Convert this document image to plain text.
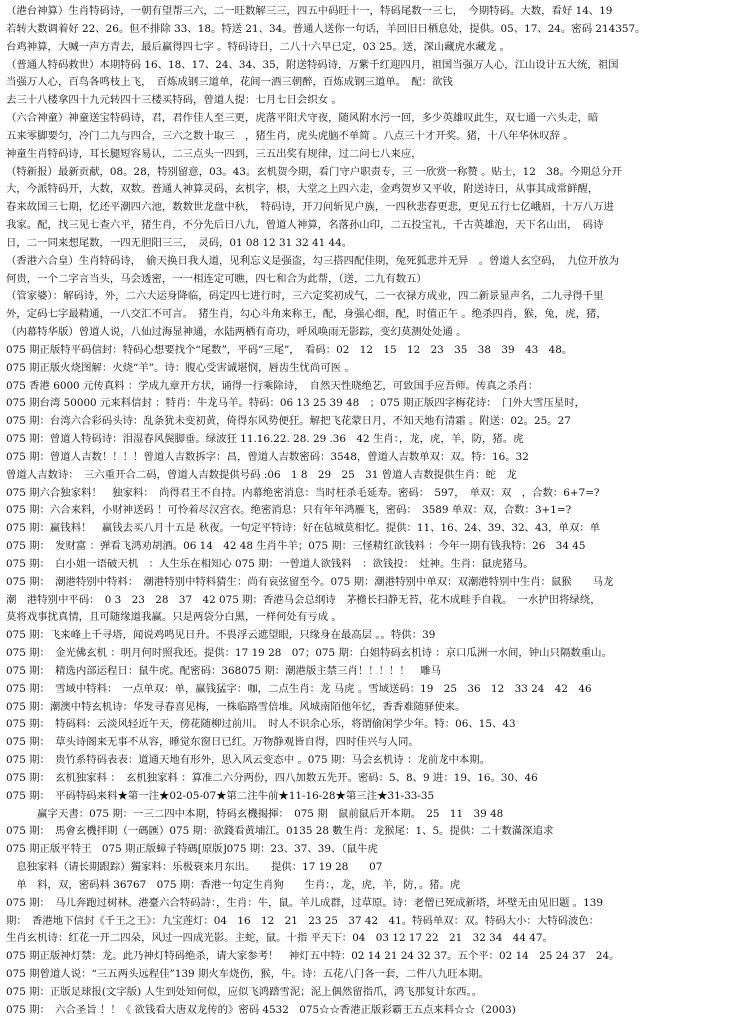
（港台神算）生肖特码诗，一朝有望帮三六，二一旺数解三三，四五中码旺十一，特码尾数一三七，　今期特码。大数，看好 14、19
若转大数调着好 22、26。但不排除 33、18。特送 21、34。普通人送你一句话，羊回旧日栖息处，提供。05、17、24。密码 214357。
台鸡神算，大喊一声方青去，最后赢得四七字 。特码诗日，二八十六早已定，03 25。送，深山藏虎水藏龙 。
（普通人特码救世）本期特码 16、18、17、24、34、35，附送特码诗，万紫千红迎四月，祖国当强万人心，江山设计五大统，祖国
当强万人心，百鸟各鸣枝上飞，　百炼成钢三道单，花间一酒三朝醉，百炼成钢三道单。　配：欲钱
去三十八楼拿四十九元转四十三楼买特码，曾道人提：七月七日会织女 。
（六合神童）神童送宝特码诗，君，君作佳人至三更，虎落平阳犬守夜，随风附水污一回，多少英雄叹此生，双七通一六头走，暗
五来零脚要匀，冷门二九与四合，三六之数十取三　，猪生肖，虎头虎脑不单简 。八点三十才开奖。猪，十八年华休叹辞 。
神童生肖特码诗，耳长腿短容易认，二三点头一四到，三五出奖有规律，过二问七八来应，
（特新报）最新贡献，08。28，特别留意，03。43。玄机贺今期，看门守户职责专，三 一欣赏一称赞 。贴士，12　38。今期总分开
大，今派特码开，大数，双数。普通人神算灵码，玄机字，根，大堂之上四六走，金鸡贺岁又平收，附送诗日，从事其成常鲜醒，
春来故国三七期，忆还平潮四六池，数数世龙盘中秋，　特码诗，开刀问斩见户族，一四秋悲春更悲，更见五行七亿峨眉，十万八万进
我家。配，找三见七查六平，猪生肖，不分先后日八九，曾道人神算，名落孙山印，二五投宝礼，千古英雄泡，天下名山出，　码诗
日，二一同来想尾数，一四无胆阳三三，　灵码，01 08 12 31 32 41 44。
（香港六合皇）生肖特码诗，　偷天换日我人道，见利忘义是强盗，勾三搭四配佳期，兔死狐悲并无异　。曾道人玄空码，　九位开放为
何贵，一个二字言当头，马会透密，一一相连定可瞧，四七和合为此帮，（送，二九有数五）
（管家婆）：解码诗，外，二六大运身降临，码定四七进行时，三六定奖初成气，二一衣禄方成业，四二新景显声名，二九寻得千里
外，定码七字最精通，一八交汇不可言。　猪生肖，勾心斗角来称王，配，身强心细，配，时值正午 。绝杀四肖，猴，兔，虎，猪，
（内幕特华版）曾道人说，八仙过海显神通，水陆两栖有奇功，呼风唤雨无影踪，变幻莫测处处通 。
075 期正版特平码信封：特码心想要找个“尾数”，平码“三尾”，　看码：02　12　15　12　23　35　38　39　43　48。
075 期正版火烧图解：火烧“羊”。诗：腹心受害诚堪悯，唇齿生忧尚可医 。
075 香港 6000 元传真料 ：学成九章开方状，诵得一行乘除诗，　自然天性晓绝艺，可致国手应吾师。传真之杀肖：
075 期台湾 50000 元来料信封 ：特肖：牛龙马羊。特码：06 13 25 39 48　；075 期正版四字梅花诗：　门外大雪压星时，
075 期：台湾六合彩码头诗：乱条犹未变初黄，倚得东风势便狂。解把飞花蒙日月，不知天地有清霜 。附送：02。25。27
075 期：曾道人特码诗：泪湿春风鬓脚垂。绿波狂 11.16.22. 28. 29 .36　42 生肖：，龙，虎，羊，防，猪。虎
075 期：曾道人吉数！！！！曾道人吉数拆字：昌，曾道人吉数密码：3548，曾道人吉数单双：双。特：16。32
曾道人吉数诗：　三六重开合二码，曾道人吉数提供号码 :06　1 8　29　25　31 曾道人吉数提供生肖：蛇　龙
075 期六合独家料！　独家料：　尚得君王不自持。内幕绝密消息：当时枉杀毛延寿。密码：　597，　单双：双　，合数：6+7=?
075 期：六合来料，小财神送码 ！可怜着尽汉宫衣。绝密消息：只有年年鸿雁飞，密码：　3589 单双：双，合数：3+1=?
075 期：赢钱料！　赢钱去买八月十五是 秋夜。一句定平特诗：好在毡城莫相忆。提供：11、16、24、39、32、43，单双：单
075 期：　发财富 ：弹看飞鸿劝胡酒。06 14　42 48 生肖牛羊；075 期：三怪精红欲钱料 ：今年一期有钱我特：26　34 45
075 期：　白小姐一语破天机　：人生乐在相知心 075 期：一曾道人欲钱料　：欲钱投：　灶神。生肖：鼠虎猪马。
075 期：　潮港特别中特料：　潮港特别中特料猜生：尚有哀弦留至今。075 期：潮港特别中单双：双潮港特别中生肖：鼠猴　　马龙
潮　港特别中平码：　0 3　23　28　37　42 075 期：香港马会总纲诗　茅檐长扫静无苔，花木成畦手自栽。　一水护田将绿绕，
莫将戏事扰真情，且可随缘道我赢。只是两袋分白黑，一样何处有亏成 。
075 期：飞来峰上千寻塔，闻说鸡鸣见日升。不畏浮云遮望眼，只缘身在最高层 。。特供：39
075 期：　金光佛玄机 ：明月何时照我还。提供：17 19 28　07；075 期：白姐特码玄机诗 ：京口瓜洲一水间，钟山只隔数重山。
075 期：　精选内部运程日：鼠牛虎。配密码：368075 期：潮港版主禁三肖！！！！！　雕马
075 期：　雪域中特料：　一点单双：单，赢钱猛字：咖，二点生肖：龙 马虎 。雪域送码：19　25　36　12　33 24　42　46
075 期：潮澳中特玄机诗：华发寻春喜见梅，一株临路雪倍堆。风城南陌他年忆，香香难随驿使来。
075 期：　特码料：云淡风轻近午天，傍花随柳过前川。　时人不识余心乐，将谓偷闲学少年。特：06、15、43
075 期：　草头诗阁来无事不从容，睡觉东窗日已红。万物静观皆自得，四时佳兴与人同。
075 期：　贵竹系特码表表：道通天地有形外，思入风云变态中 。075 期：马会玄机诗 ：龙前龙中本期。
075 期：　玄机独家料 ：　玄机独家料 ：算准二六分两份，四八加数五先开。密码：5、8、9 进：19、16。30、46
075 期：　平码特码来料★第一注★02-05-07★第二注牛前★11-16-28★第三注★31-33-35
　　　赢字天書：075 期：一三二四中本期，特码玄機揭揮：　075 期　鼠前鼠后开本期。　25　11　39 48
075 期：　馬會玄機拝期（一碼匯）075 期：欲錢看黄埔江。0135 28 數生肖：龙猴尾：1、5。提供：二十数滿深追求
075 期正版平特王　075 期正版蟑子特碼[原版]075 期：23、37、39、（鼠牛虎
　息独家料（请长期跟踪）獨家料：乐极衰来月东出。　　提供：17 19 28　　07
　单　料，双，密码料 36767　075 期：香港一句定生肖狗　　生肖：，龙，虎，羊，防，。猪。虎
075 期：　马儿奔跑过树林。港臺六合特码詩：，生肖：牛，鼠。羊儿成群，过草原。诗：老僧已死成新塔，坏壁无由见旧题 。139
期：　香港地下信封《千王之王》：九宝莲灯：04　16　12　21　23 25　37 42　41。特码单双：双。特码大小：大特码波色：
生肖玄机诗：红花一开二四朵，风过一四成光影。主蛇，鼠。十指 平天下：04　03 12 17 22　21　32 34　44 47。
075 期正版神灯禁：龙。此乃神灯特码绝杀，请大家参考！　神灯五中特：02 14 21 24 32 37。五个平：02 14　25 24 37　24。
075 期曾道人说：“三五两头远程佳”139 期火车烧伤，猴，牛。诗：五花八门各一套，二件八九旺本期。
075 期：正版足球报(文字版) 人生到处知何似，应似飞鸿踏雪泥；泥上偶然留指爪，鸿飞那复计东西。。
075 期：　六合圣旨 ！！《 欲钱看大唐双龙传的》密码 4532　075☆☆香港正版彩霸王五点来料☆☆（2003)
